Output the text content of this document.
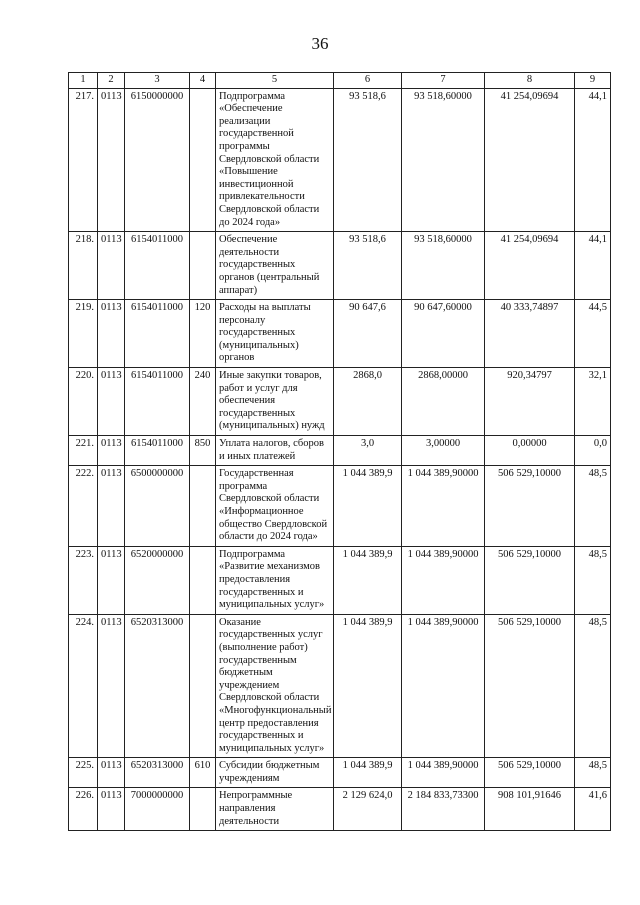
36
1	2	3	4	5	6	7	8	9
217.	0113	6150000000		Подпрограмма «Обеспечение реализации государственной программы Свердловской области «Повышение инвестиционной привлекательности Свердловской области до 2024 года»	93 518,6	93 518,60000	41 254,09694	44,1
218.	0113	6154011000		Обеспечение деятельности государственных органов (центральный аппарат)	93 518,6	93 518,60000	41 254,09694	44,1
219.	0113	6154011000	120	Расходы на выплаты персоналу государственных (муниципальных) органов	90 647,6	90 647,60000	40 333,74897	44,5
220.	0113	6154011000	240	Иные закупки товаров, работ и услуг для обеспечения государственных (муниципальных) нужд	2868,0	2868,00000	920,34797	32,1
221.	0113	6154011000	850	Уплата налогов, сборов и иных платежей	3,0	3,00000	0,00000	0,0
222.	0113	6500000000		Государственная программа Свердловской области «Информационное общество Свердловской области до 2024 года»	1 044 389,9	1 044 389,90000	506 529,10000	48,5
223.	0113	6520000000		Подпрограмма «Развитие механизмов предоставления государственных и муниципальных услуг»	1 044 389,9	1 044 389,90000	506 529,10000	48,5
224.	0113	6520313000		Оказание государственных услуг (выполнение работ) государственным бюджетным учреждением Свердловской области «Многофункциональный центр предоставления государственных и муниципальных услуг»	1 044 389,9	1 044 389,90000	506 529,10000	48,5
225.	0113	6520313000	610	Субсидии бюджетным учреждениям	1 044 389,9	1 044 389,90000	506 529,10000	48,5
226.	0113	7000000000		Непрограммные направления деятельности	2 129 624,0	2 184 833,73300	908 101,91646	41,6
